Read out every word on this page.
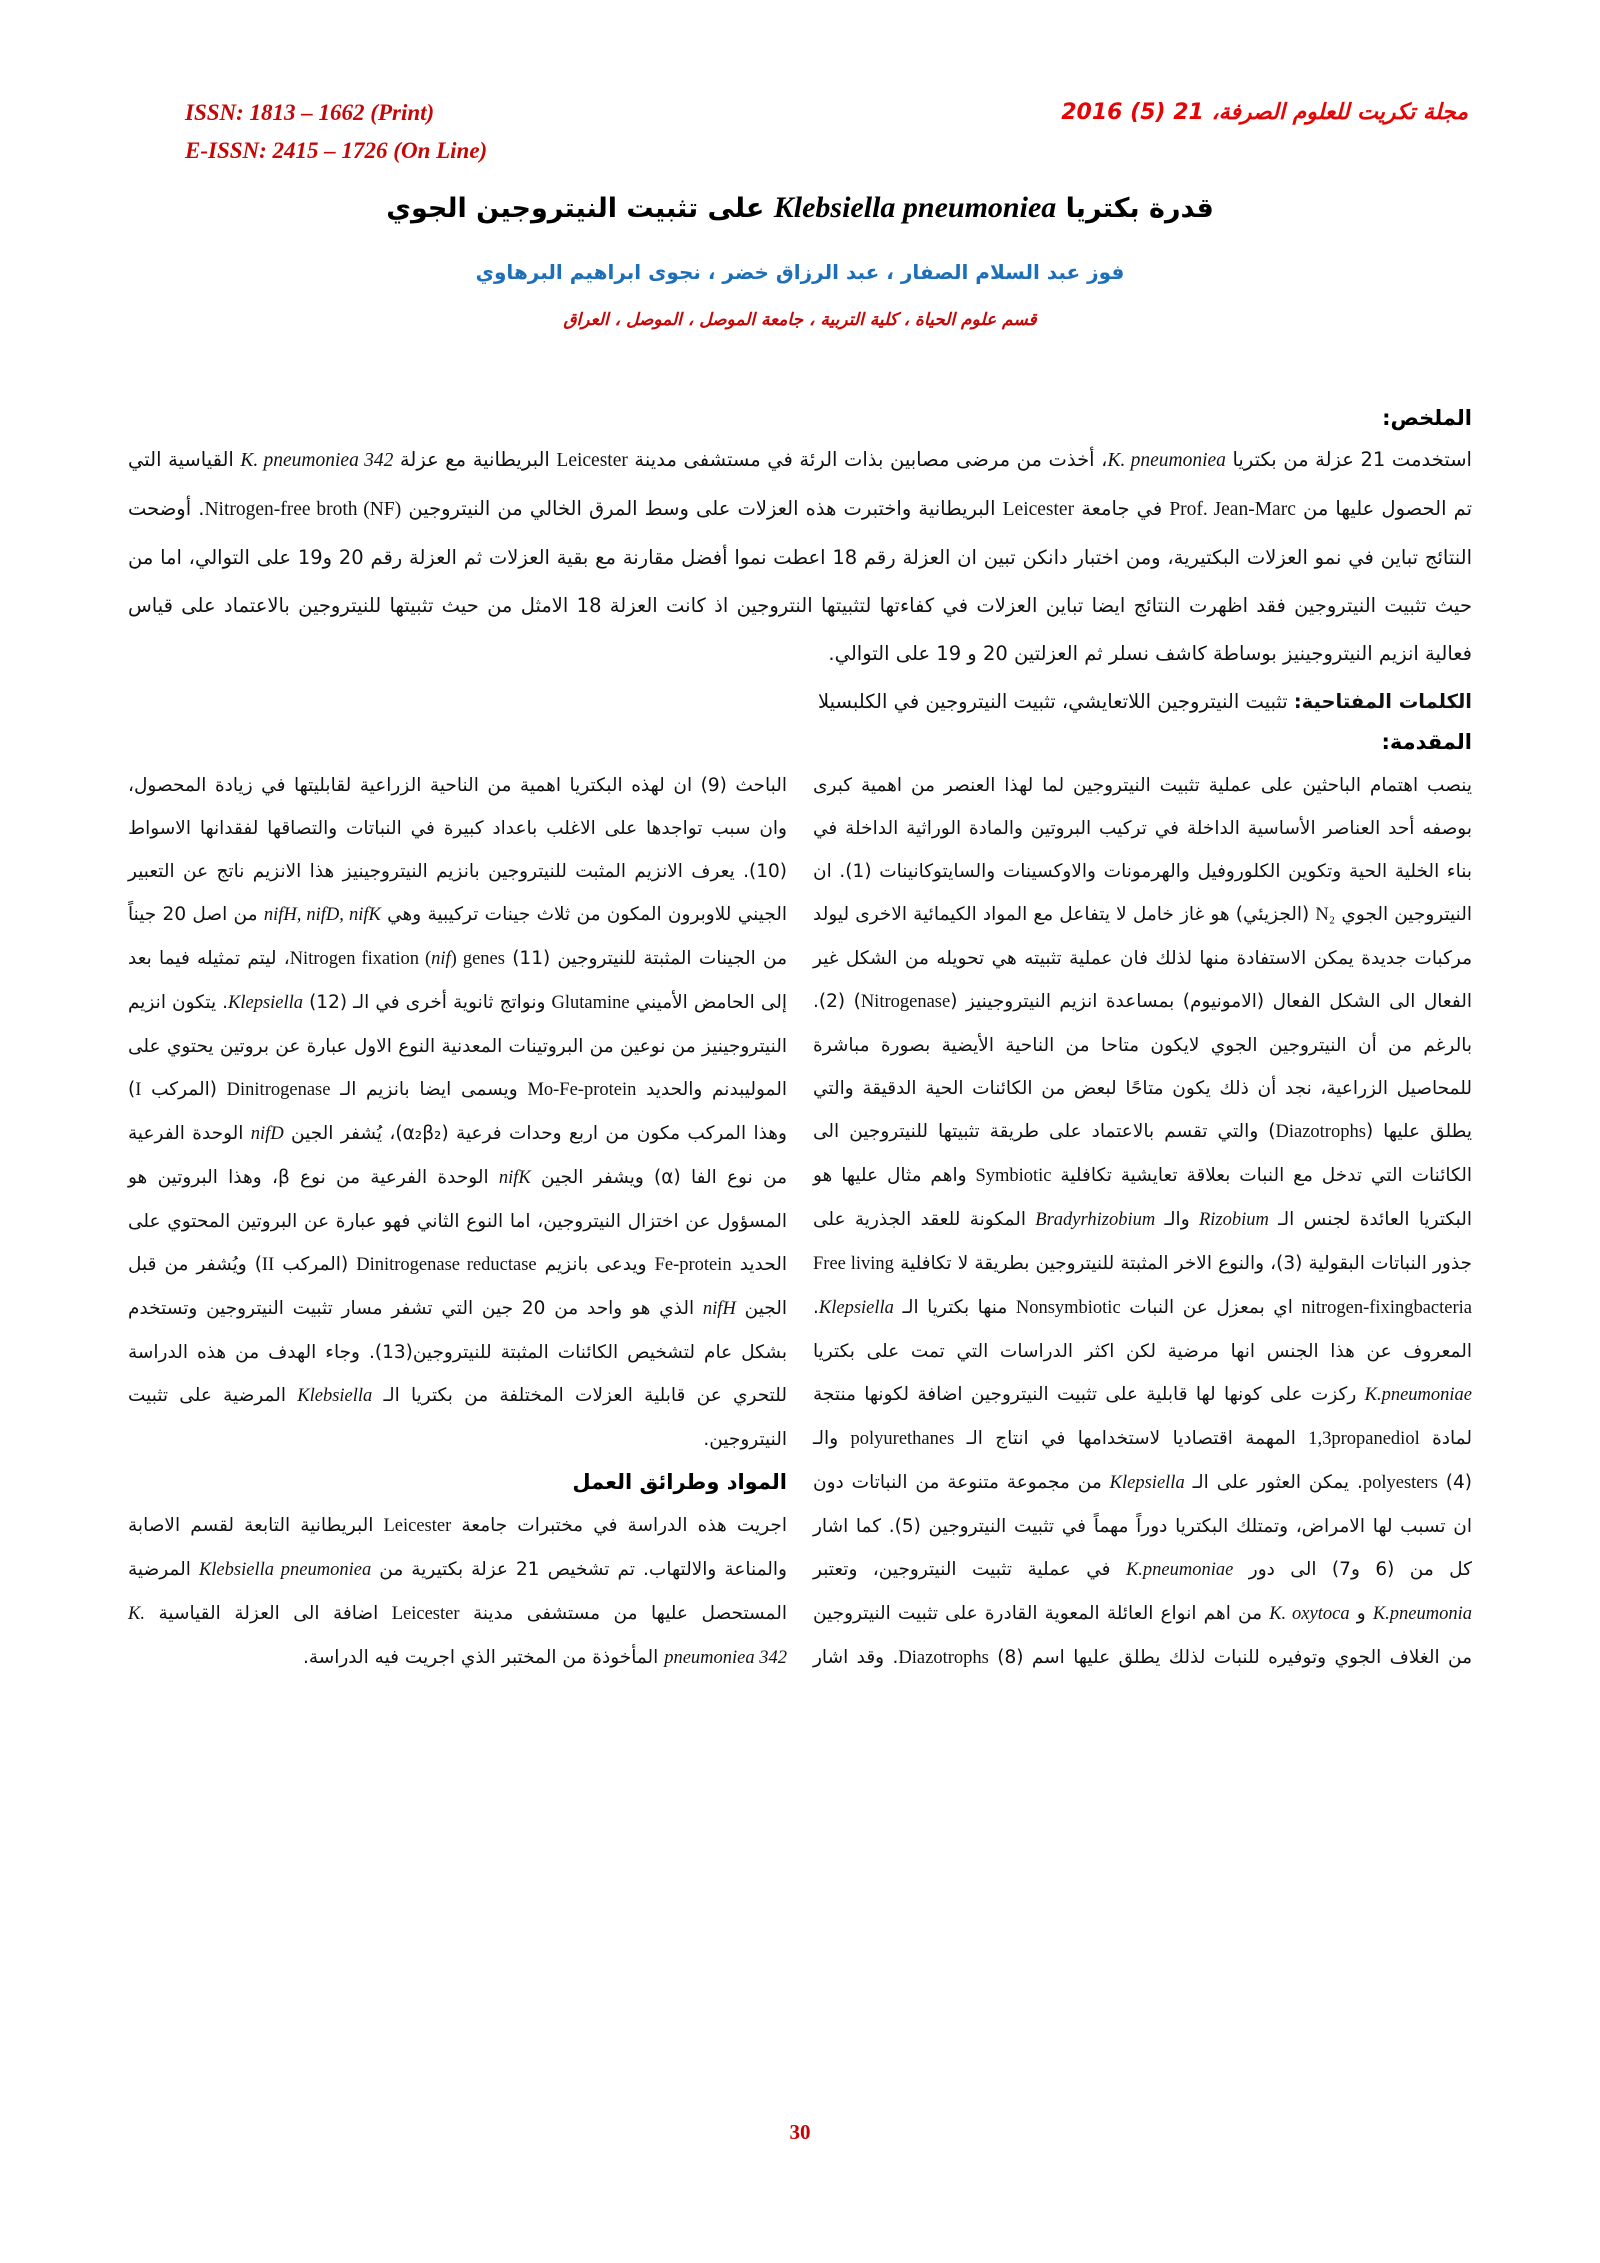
ISSN: 1813 – 1662 (Print)
E-ISSN: 2415 – 1726 (On Line)
مجلة تكريت للعلوم الصرفة، 21 (5) 2016
قدرة بكتريا Klebsiella pneumoniea على تثبيت النيتروجين الجوي
فوز عبد السلام الصفار ، عبد الرزاق خضر ، نجوى ابراهيم البرهاوي
قسم علوم الحياة ، كلية التربية ، جامعة الموصل ، الموصل ، العراق
الملخص:
استخدمت 21 عزلة من بكتريا K. pneumoniea، أخذت من مرضى مصابين بذات الرئة في مستشفى مدينة Leicester البريطانية مع عزلة K. pneumoniea 342 القياسية التي تم الحصول عليها من Prof. Jean-Marc في جامعة Leicester البريطانية واختبرت هذه العزلات على وسط المرق الخالي من النيتروجين Nitrogen-free broth (NF). أوضحت النتائج تباين في نمو العزلات البكتيرية، ومن اختبار دانكن تبين ان العزلة رقم 18 اعطت نموا أفضل مقارنة مع بقية العزلات ثم العزلة رقم 20 و19 على التوالي، اما من حيث تثبيت النيتروجين فقد اظهرت النتائج ايضا تباين العزلات في كفاءتها لتثبيتها النتروجين اذ كانت العزلة 18 الامثل من حيث تثبيتها للنيتروجين بالاعتماد على قياس فعالية انزيم النيتروجينيز بوساطة كاشف نسلر ثم العزلتين 20 و 19 على التوالي.
الكلمات المفتاحية: تثبيت النيتروجين اللاتعايشي، تثبيت النيتروجين في الكلبسيلا
المقدمة:
ينصب اهتمام الباحثين على عملية تثبيت النيتروجين لما لهذا العنصر من اهمية كبرى بوصفه أحد العناصر الأساسية الداخلة في تركيب البروتين والمادة الوراثية الداخلة في بناء الخلية الحية وتكوين الكلوروفيل والهرمونات والاوكسينات والسايتوكانينات (1). ان النيتروجين الجوي N₂ (الجزيئي) هو غاز خامل لا يتفاعل مع المواد الكيمائية الاخرى ليولد مركبات جديدة يمكن الاستفادة منها لذلك فان عملية تثبيته هي تحويله من الشكل غير الفعال الى الشكل الفعال (الامونيوم) بمساعدة انزيم النيتروجينيز (Nitrogenase) (2). بالرغم من أن النيتروجين الجوي لايكون متاحا من الناحية الأيضية بصورة مباشرة للمحاصيل الزراعية، نجد أن ذلك يكون متاحًا لبعض من الكائنات الحية الدقيقة والتي يطلق عليها (Diazotrophs) والتي تقسم بالاعتماد على طريقة تثبيتها للنيتروجين الى الكائنات التي تدخل مع النبات بعلاقة تعايشية تكافلية Symbiotic واهم مثال عليها هو البكتريا العائدة لجنس الـ Rizobium والـ Bradyrhizobium المكونة للعقد الجذرية على جذور النباتات البقولية (3)، والنوع الاخر المثبتة للنيتروجين بطريقة لا تكافلية Free living nitrogen-fixingbacteria اي بمعزل عن النبات Nonsymbiotic منها بكتريا الـ Klepsiella. المعروف عن هذا الجنس انها مرضية لكن اكثر الدراسات التي تمت على بكتريا K.pneumoniae ركزت على كونها لها قابلية على تثبيت النيتروجين اضافة لكونها منتجة لمادة ‎1,3propanediol المهمة اقتصاديا لاستخدامها في انتاج الـ polyurethanes والـ polyesters (4). يمكن العثور على الـ Klepsiella من مجموعة متنوعة من النباتات دون ان تسبب لها الامراض، وتمتلك البكتريا دوراً مهماً في تثبيت النيتروجين (5). كما اشار كل من (6 و7) الى دور K.pneumoniae في عملية تثبيت النيتروجين، وتعتبر K.pneumonia و K. oxytoca من اهم انواع العائلة المعوية القادرة على تثبيت النيتروجين من الغلاف الجوي وتوفيره للنبات لذلك يطلق عليها اسم Diazotrophs (8). وقد اشار
الباحث (9) ان لهذه البكتريا اهمية من الناحية الزراعية لقابليتها في زيادة المحصول، وان سبب تواجدها على الاغلب باعداد كبيرة في النباتات والتصاقها لفقدانها الاسواط (10). يعرف الانزيم المثبت للنيتروجين بانزيم النيتروجينيز هذا الانزيم ناتج عن التعبير الجيني للاوبرون المكون من ثلاث جينات تركيبية وهي nifH, nifD, nifK من اصل 20 جيناً من الجينات المثبتة للنيتروجين Nitrogen fixation (nif) genes (11)، ليتم تمثيله فيما بعد إلى الحامض الأميني Glutamine ونواتج ثانوية أخرى في الـ Klepsiella (12). يتكون انزيم النيتروجينيز من نوعين من البروتينات المعدنية النوع الاول عبارة عن بروتين يحتوي على الموليبدنم والحديد Mo-Fe-protein ويسمى ايضا بانزيم الـ Dinitrogenase (المركب I) وهذا المركب مكون من اربع وحدات فرعية (α₂β₂)، يُشفر الجين nifD الوحدة الفرعية من نوع الفا (α) ويشفر الجين nifK الوحدة الفرعية من نوع β، وهذا البروتين هو المسؤول عن اختزال النيتروجين، اما النوع الثاني فهو عبارة عن البروتين المحتوي على الحديد Fe-protein ويدعى بانزيم Dinitrogenase reductase (المركب II) ويُشفر من قبل الجين nifH الذي هو واحد من 20 جين التي تشفر مسار تثبيت النيتروجين وتستخدم بشكل عام لتشخيص الكائنات المثبتة للنيتروجين(13). وجاء الهدف من هذه الدراسة للتحري عن قابلية العزلات المختلفة من بكتريا الـ Klebsiella المرضية على تثبيت النيتروجين.
المواد وطرائق العمل
اجريت هذه الدراسة في مختبرات جامعة Leicester البريطانية التابعة لقسم الاصابة والمناعة والالتهاب. تم تشخيص 21 عزلة بكتيرية من Klebsiella pneumoniea المرضية المستحصل عليها من مستشفى مدينة Leicester اضافة الى العزلة القياسية K. pneumoniea 342 المأخوذة من المختبر الذي اجريت فيه الدراسة.
30
